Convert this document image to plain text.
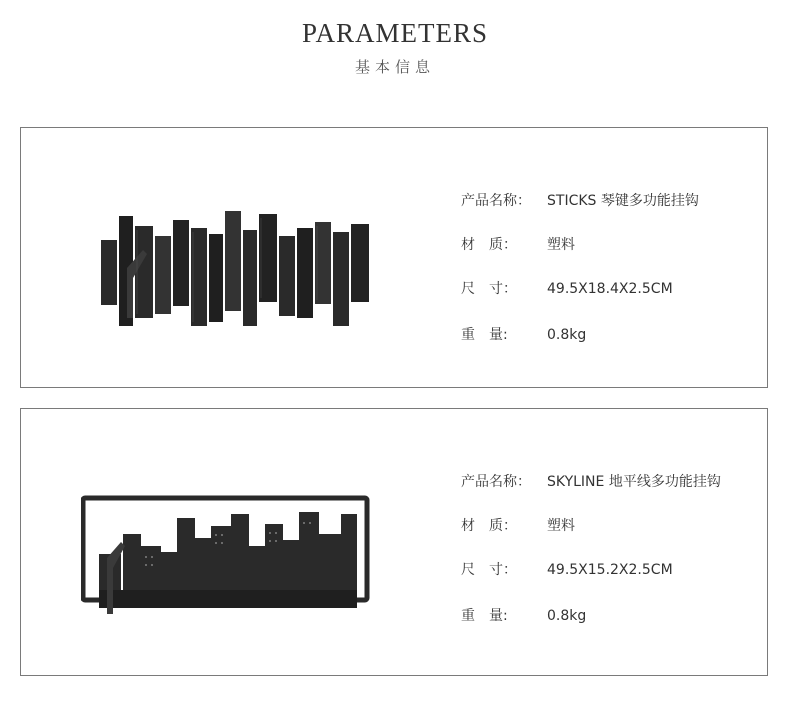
PARAMETERS
基本信息
产品名称： STICKS 琴键多功能挂钩
材　质： 塑料
尺　寸： 49.5X18.4X2.5CM
重　量:	0.8kg
产品名称： SKYLINE 地平线多功能挂钩
材　质： 塑料
尺　寸： 49.5X15.2X2.5CM
重　量:	0.8kg
